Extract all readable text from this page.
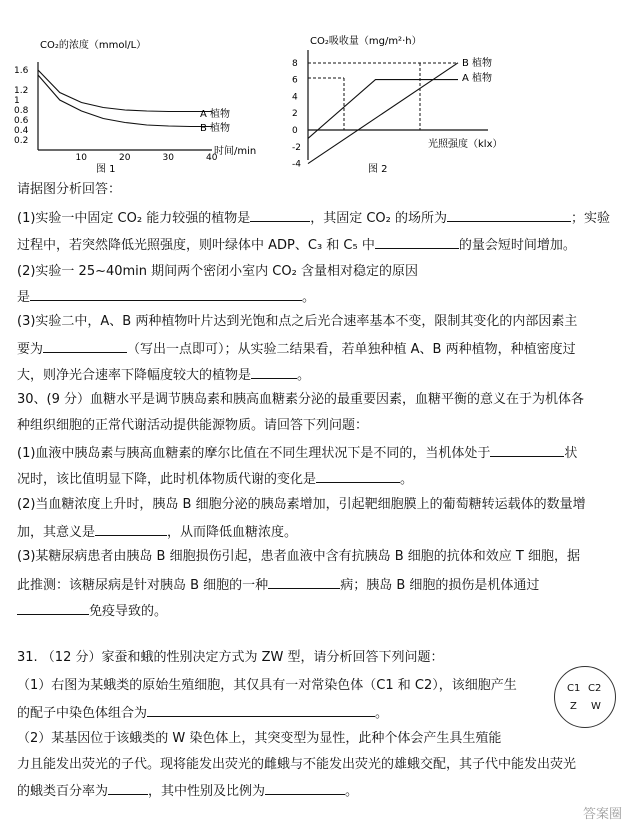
CO₂的浓度（mmol/L）
1.6
1.2
1
0.8
0.6
0.4
0.2
10	20	30	40
A 植物
B 植物
时间/min
图 1
CO₂吸收量（mg/m²·h）
8
6
4
2
0
-2
-4
B 植物
A 植物
光照强度（klx）
图 2
请据图分析回答：
(1)实验一中固定 CO₂ 能力较强的植物是	，其固定 CO₂ 的场所为	；实验
过程中，若突然降低光照强度，则叶绿体中 ADP、C₃ 和 C₅ 中	的量会短时间增加。
(2)实验一 25~40min 期间两个密闭小室内 CO₂ 含量相对稳定的原因
是	。
(3)实验二中，A、B 两种植物叶片达到光饱和点之后光合速率基本不变，限制其变化的内部因素主
要为	（写出一点即可）；从实验二结果看，若单独种植 A、B 两种植物，种植密度过
大，则净光合速率下降幅度较大的植物是	。
30、(9 分）血糖水平是调节胰岛素和胰高血糖素分泌的最重要因素，血糖平衡的意义在于为机体各
种组织细胞的正常代谢活动提供能源物质。请回答下列问题：
(1)血液中胰岛素与胰高血糖素的摩尔比值在不同生理状况下是不同的，当机体处于	状
况时，该比值明显下降，此时机体物质代谢的变化是	。
(2)当血糖浓度上升时，胰岛 B 细胞分泌的胰岛素增加，引起靶细胞膜上的葡萄糖转运载体的数量增
加，其意义是	，从而降低血糖浓度。
(3)某糖尿病患者由胰岛 B 细胞损伤引起，患者血液中含有抗胰岛 B 细胞的抗体和效应 T 细胞，据
此推测：该糖尿病是针对胰岛 B 细胞的一种	病；胰岛 B 细胞的损伤是机体通过
免疫导致的。
31. （12 分）家蚕和蛾的性别决定方式为 ZW 型，请分析回答下列问题：
（1）右图为某蛾类的原始生殖细胞，其仅具有一对常染色体（C1 和 C2），该细胞产生
的配子中染色体组合为	。
（2）某基因位于该蛾类的 W 染色体上，其突变型为显性，此种个体会产生具生殖能
力且能发出荧光的子代。现将能发出荧光的雌蛾与不能发出荧光的雄蛾交配，其子代中能发出荧光
的蛾类百分率为	，其中性别及比例为	。
C1 C2
Z W
答案圈
